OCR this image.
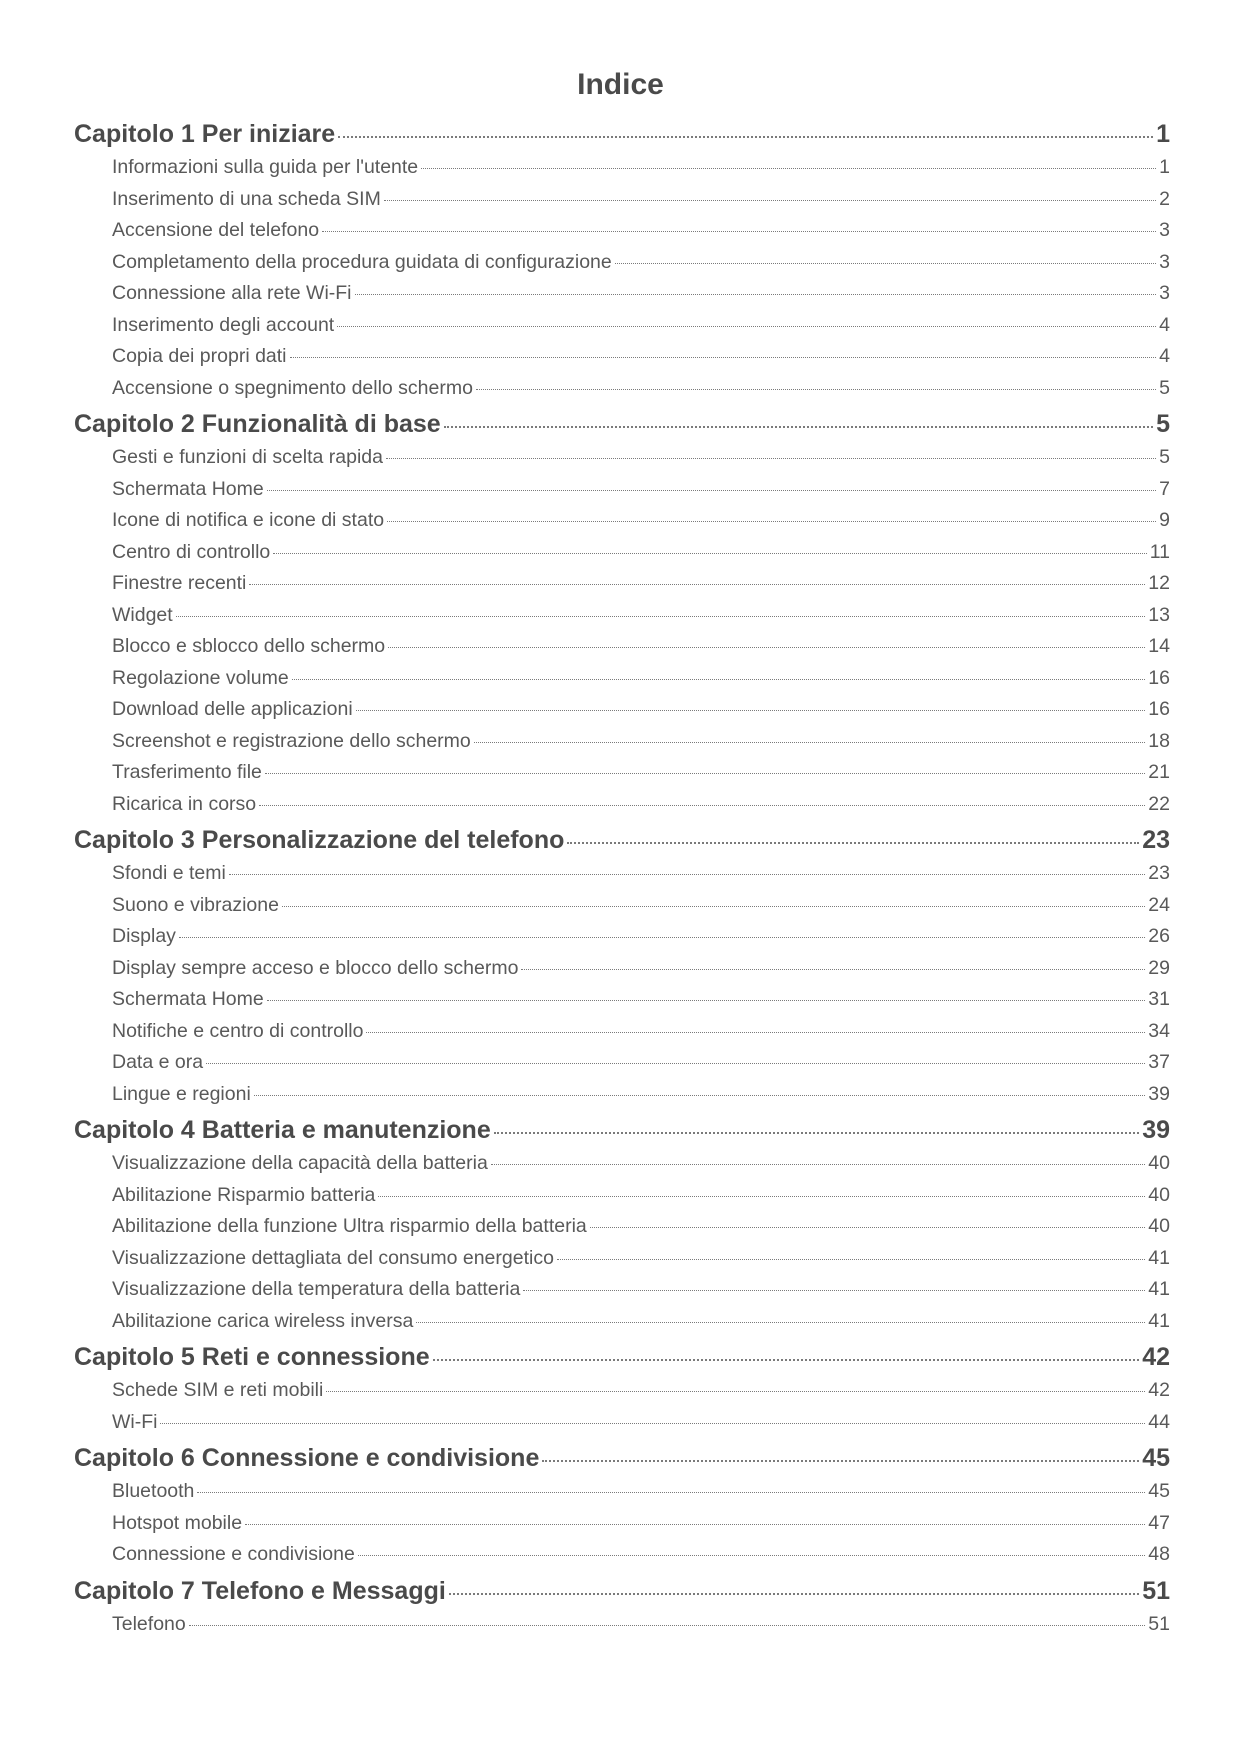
Indice
Capitolo 1 Per iniziare	1
Informazioni sulla guida per l'utente	1
Inserimento di una scheda SIM	2
Accensione del telefono	3
Completamento della procedura guidata di configurazione	3
Connessione alla rete Wi-Fi	3
Inserimento degli account	4
Copia dei propri dati	4
Accensione o spegnimento dello schermo	5
Capitolo 2 Funzionalità di base	5
Gesti e funzioni di scelta rapida	5
Schermata Home	7
Icone di notifica e icone di stato	9
Centro di controllo	11
Finestre recenti	12
Widget	13
Blocco e sblocco dello schermo	14
Regolazione volume	16
Download delle applicazioni	16
Screenshot e registrazione dello schermo	18
Trasferimento file	21
Ricarica in corso	22
Capitolo 3 Personalizzazione del telefono	23
Sfondi e temi	23
Suono e vibrazione	24
Display	26
Display sempre acceso e blocco dello schermo	29
Schermata Home	31
Notifiche e centro di controllo	34
Data e ora	37
Lingue e regioni	39
Capitolo 4 Batteria e manutenzione	39
Visualizzazione della capacità della batteria	40
Abilitazione Risparmio batteria	40
Abilitazione della funzione Ultra risparmio della batteria	40
Visualizzazione dettagliata del consumo energetico	41
Visualizzazione della temperatura della batteria	41
Abilitazione carica wireless inversa	41
Capitolo 5 Reti e connessione	42
Schede SIM e reti mobili	42
Wi-Fi	44
Capitolo 6 Connessione e condivisione	45
Bluetooth	45
Hotspot mobile	47
Connessione e condivisione	48
Capitolo 7 Telefono e Messaggi	51
Telefono	51
